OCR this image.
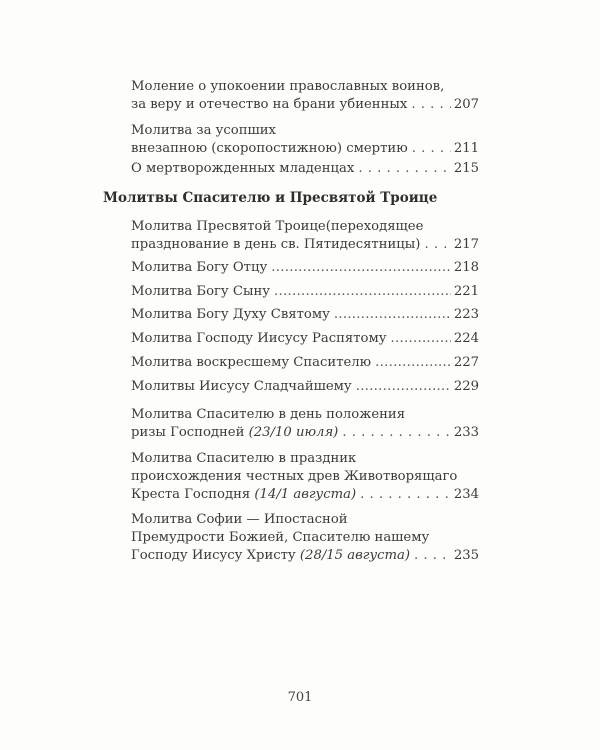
Моление о упокоении православных воинов,
за веру и отечество на брани убиенных . . .	207
Молитва за усопших
внезапною (скоропостижною) смертию . . .	211
О мертворожденных младенцах . . .	215
Молитвы Спасителю и Пресвятой Троице
Молитва Пресвятой Троице(переходящее
празднование в день св. Пятидесятницы) . . .	217
Молитва Богу Отцу .....	218
Молитва Богу Сыну .....	221
Молитва Богу Духу Святому .....	223
Молитва Господу Иисусу Распятому .....	224
Молитва воскресшему Спасителю .....	227
Молитвы Иисусу Сладчайшему .....	229
Молитва Спасителю в день положения
ризы Господней (23/10 июля) . . .	233
Молитва Спасителю в праздник
происхождения честных древ Животворящаго
Креста Господня (14/1 августа) . . .	234
Молитва Софии — Ипостасной
Премудрости Божией, Спасителю нашему
Господу Иисусу Христу (28/15 августа) . . .	235
701
